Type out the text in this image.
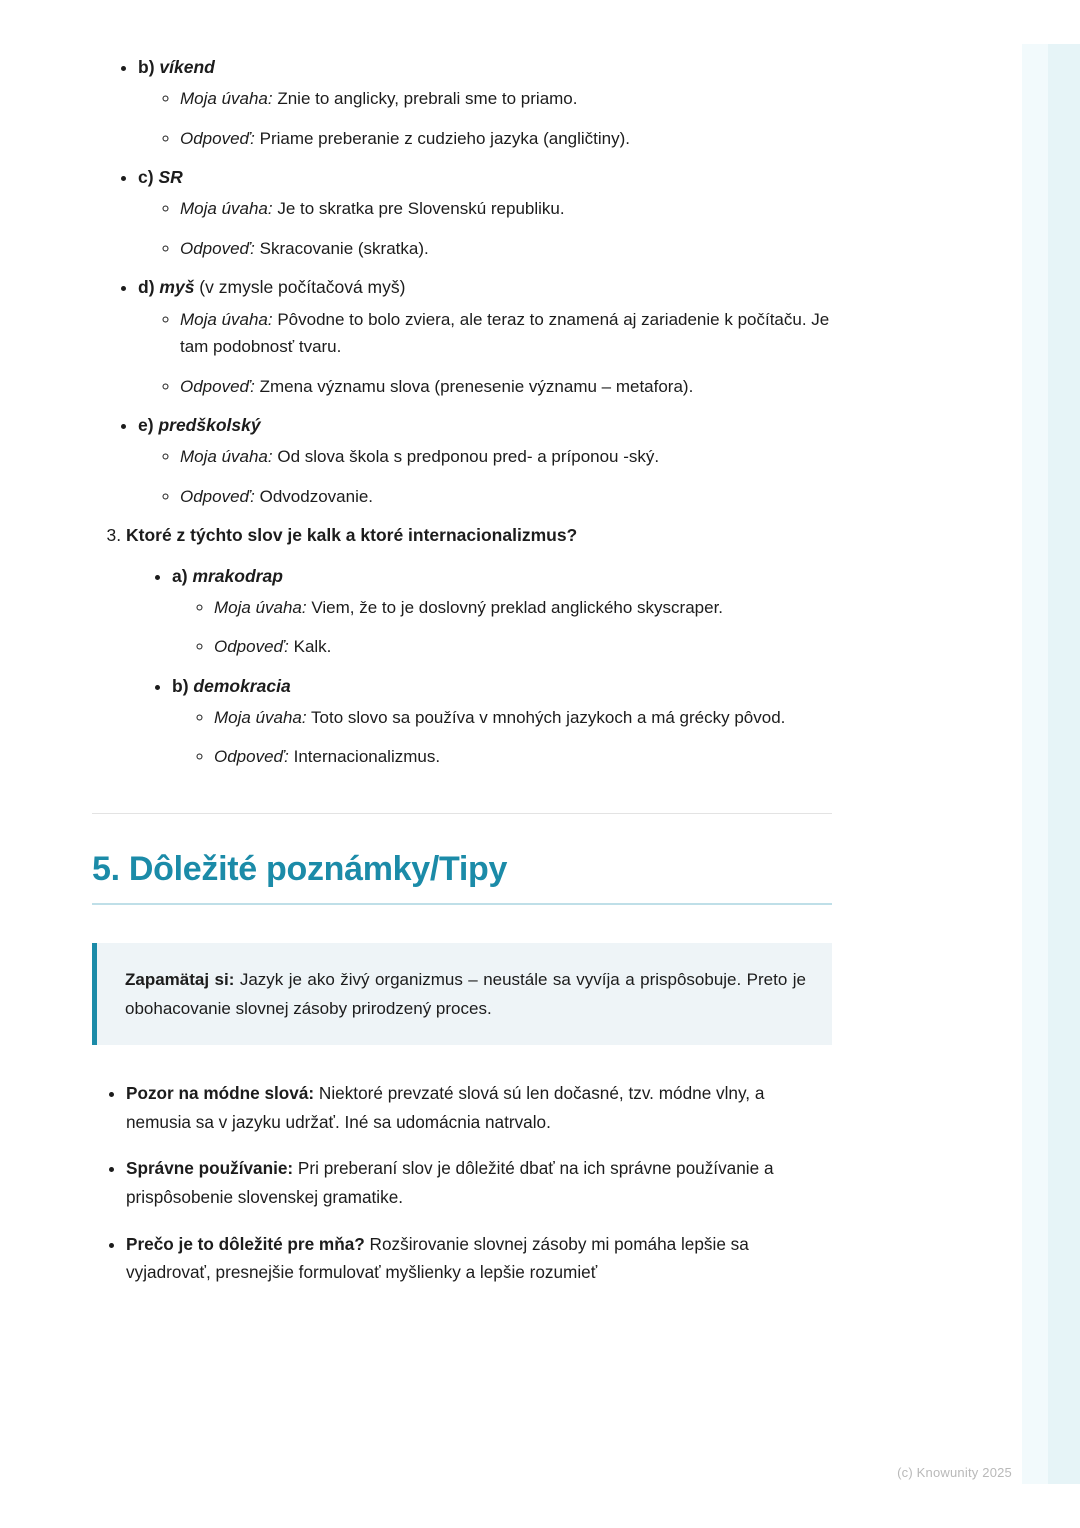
• b) víkend
◦ Moja úvaha: Znie to anglicky, prebrali sme to priamo.
◦ Odpoveď: Priame preberanie z cudzieho jazyka (angličtiny).
• c) SR
◦ Moja úvaha: Je to skratka pre Slovenskú republiku.
◦ Odpoveď: Skracovanie (skratka).
• d) myš (v zmysle počítačová myš)
◦ Moja úvaha: Pôvodne to bolo zviera, ale teraz to znamená aj zariadenie k počítaču. Je tam podobnosť tvaru.
◦ Odpoveď: Zmena významu slova (prenesenie významu – metafora).
• e) predškolský
◦ Moja úvaha: Od slova škola s predponou pred- a príponou -ský.
◦ Odpoveď: Odvodzovanie.
3. Ktoré z týchto slov je kalk a ktoré internacionalizmus?
• a) mrakodrap
◦ Moja úvaha: Viem, že to je doslovný preklad anglického skyscraper.
◦ Odpoveď: Kalk.
• b) demokracia
◦ Moja úvaha: Toto slovo sa používa v mnohých jazykoch a má grécky pôvod.
◦ Odpoveď: Internacionalizmus.
5. Dôležité poznámky/Tipy
Zapamätaj si: Jazyk je ako živý organizmus – neustále sa vyvíja a prispôsobuje. Preto je obohacovanie slovnej zásoby prirodzený proces.
• Pozor na módne slová: Niektoré prevzaté slová sú len dočasné, tzv. módne vlny, a nemusia sa v jazyku udržať. Iné sa udomácnia natrvalo.
• Správne používanie: Pri preberaní slov je dôležité dbať na ich správne používanie a prispôsobenie slovenskej gramatike.
• Prečo je to dôležité pre mňa? Rozširovanie slovnej zásoby mi pomáha lepšie sa vyjadrovať, presnejšie formulovať myšlienky a lepšie rozumieť
(c) Knowunity 2025
